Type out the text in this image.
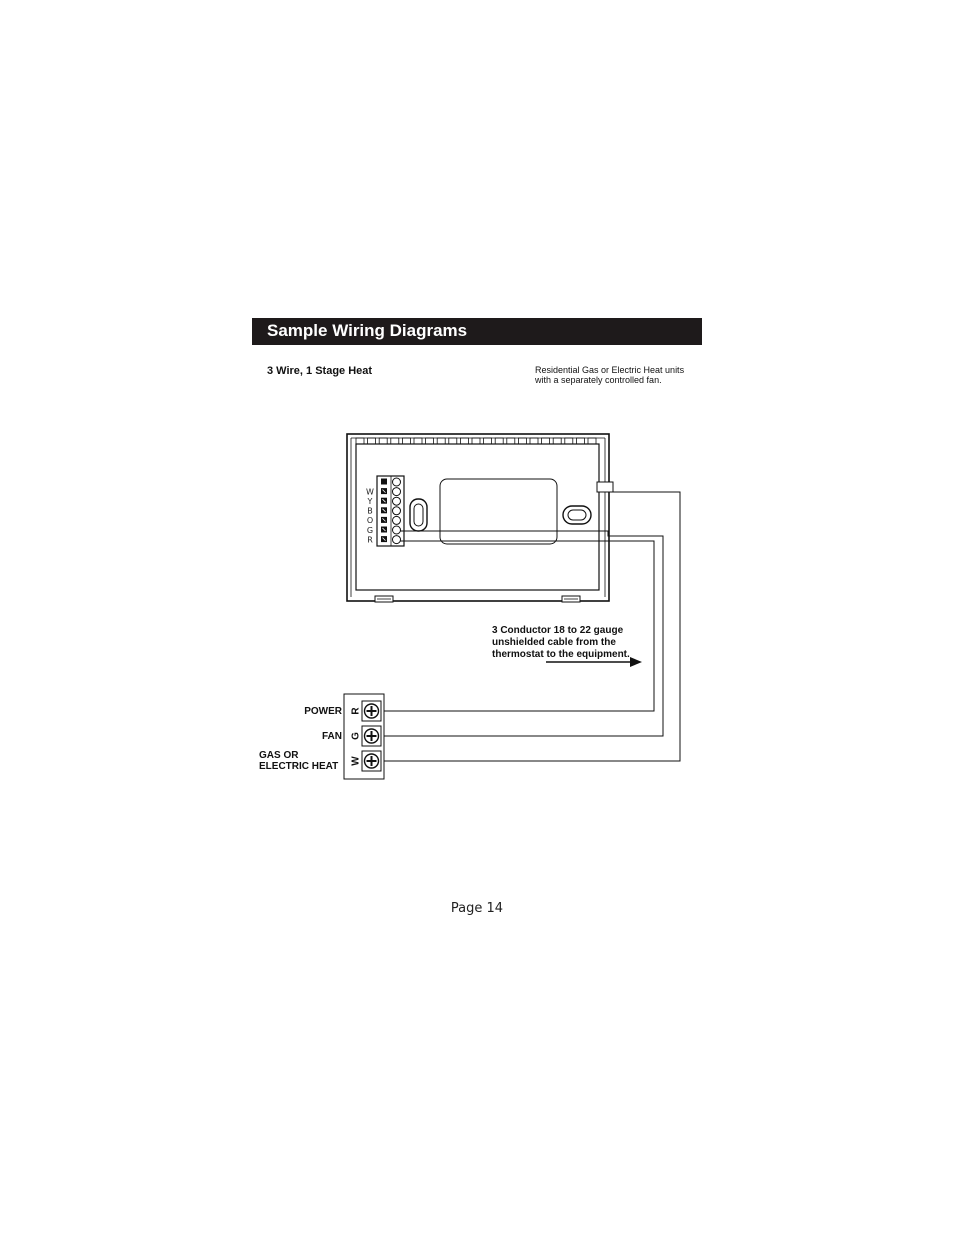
Sample Wiring Diagrams
3 Wire, 1 Stage Heat	Residential Gas or Electric Heat units
with a separately controlled fan.
W
Y
B
O
G
R
R
G
W
3 Conductor 18 to 22 gauge
unshielded cable from the
thermostat to the equipment.
POWER
FAN
GAS OR
ELECTRIC HEAT
Page 14
